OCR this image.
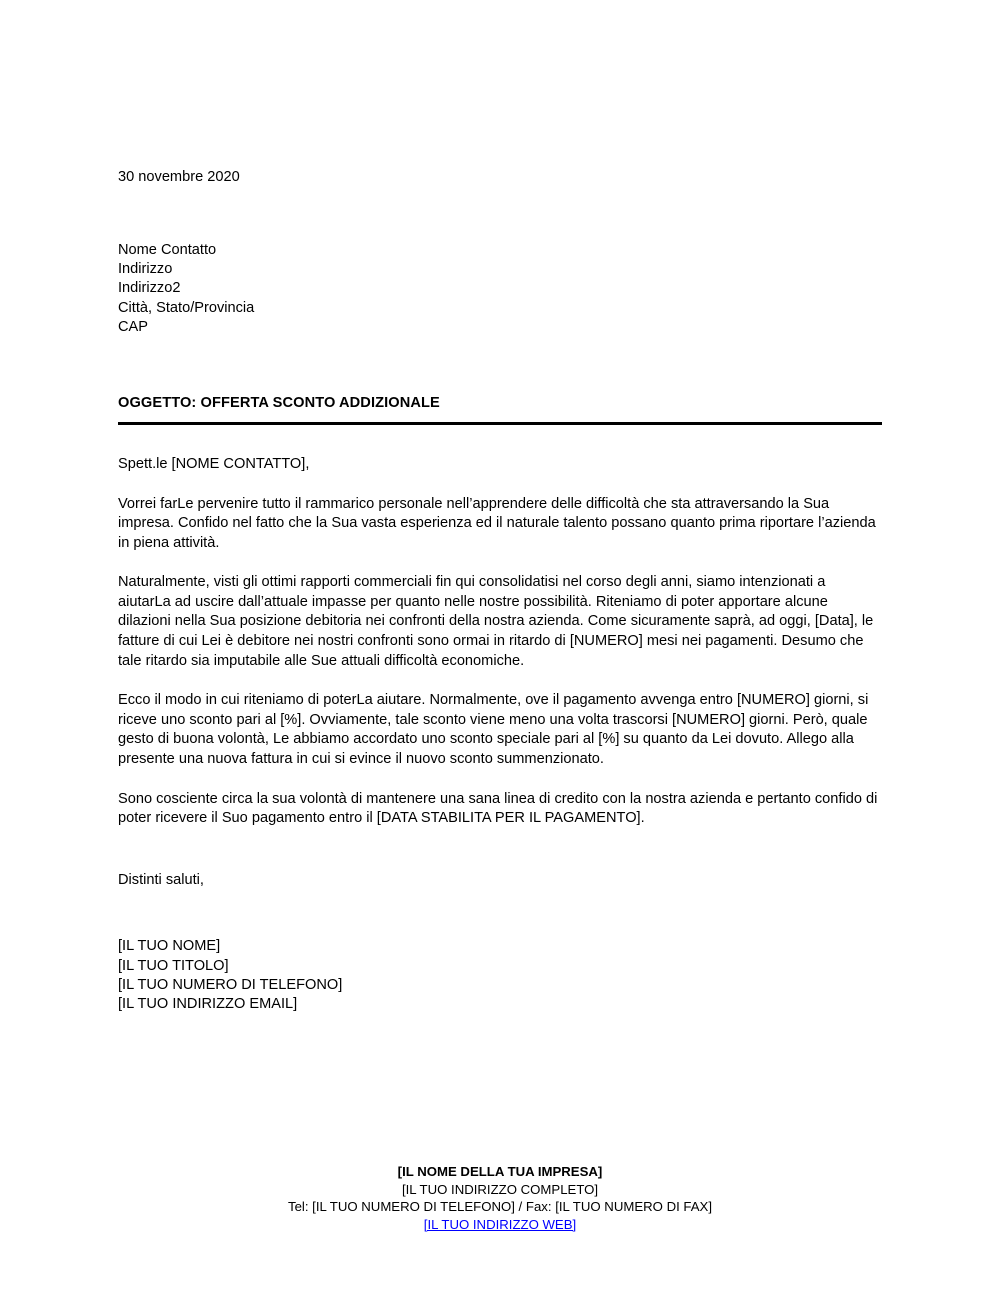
30 novembre 2020
Nome Contatto
Indirizzo
Indirizzo2
Città, Stato/Provincia
CAP
OGGETTO: OFFERTA SCONTO ADDIZIONALE
Spett.le [NOME CONTATTO],

Vorrei farLe pervenire tutto il rammarico personale nell’apprendere delle difficoltà che sta attraversando la Sua impresa. Confido nel fatto che la Sua vasta esperienza ed il naturale talento possano quanto prima riportare l’azienda in piena attività.

Naturalmente, visti gli ottimi rapporti commerciali fin qui consolidatisi nel corso degli anni, siamo intenzionati a aiutarLa ad uscire dall’attuale impasse per quanto nelle nostre possibilità. Riteniamo di poter apportare alcune dilazioni nella Sua posizione debitoria nei confronti della nostra azienda. Come sicuramente saprà, ad oggi, [Data], le fatture di cui Lei è debitore nei nostri confronti sono ormai in ritardo di [NUMERO] mesi nei pagamenti. Desumo che tale ritardo sia imputabile alle Sue attuali difficoltà economiche.

Ecco il modo in cui riteniamo di poterLa aiutare. Normalmente, ove il pagamento avvenga entro [NUMERO] giorni, si riceve uno sconto pari al [%]. Ovviamente, tale sconto viene meno una volta trascorsi [NUMERO] giorni. Però, quale gesto di buona volontà, Le abbiamo accordato uno sconto speciale pari al [%] su quanto da Lei dovuto. Allego alla presente una nuova fattura in cui si evince il nuovo sconto summenzionato.

Sono cosciente circa la sua volontà di mantenere una sana linea di credito con la nostra azienda e pertanto confido di poter ricevere il Suo pagamento entro il [DATA STABILITA PER IL PAGAMENTO].

Distinti saluti,
[IL TUO NOME]
[IL TUO TITOLO]
[IL TUO NUMERO DI TELEFONO]
[IL TUO INDIRIZZO EMAIL]
[IL NOME DELLA TUA IMPRESA]
[IL TUO INDIRIZZO COMPLETO]
Tel: [IL TUO NUMERO DI TELEFONO] / Fax: [IL TUO NUMERO DI FAX]
[IL TUO INDIRIZZO WEB]
